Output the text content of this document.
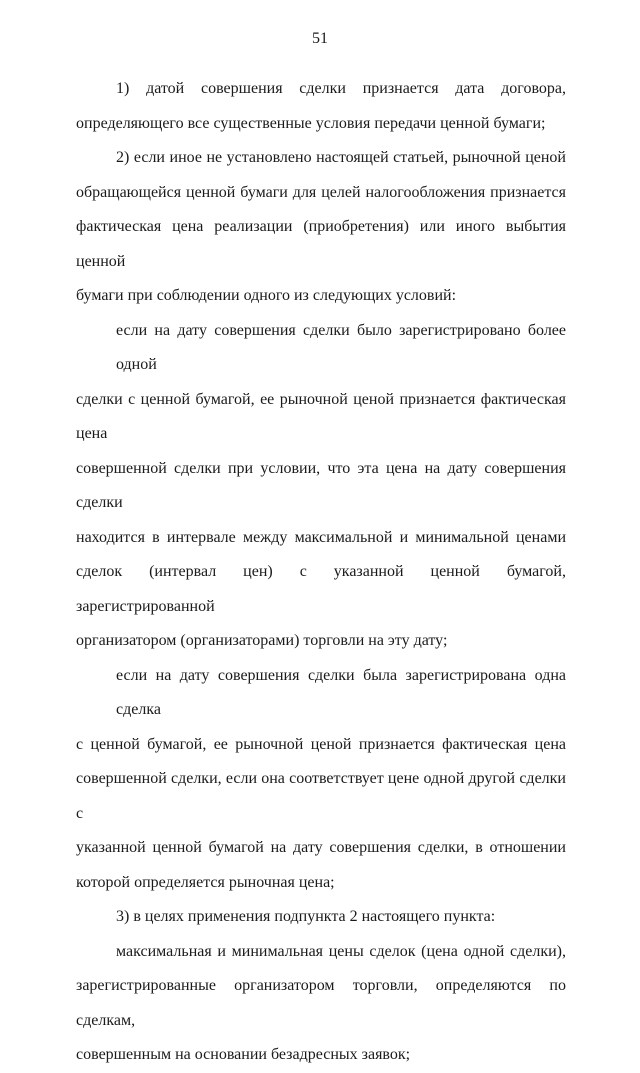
51

1) датой совершения сделки признается дата договора,
определяющего все существенные условия передачи ценной бумаги;

2) если иное не установлено настоящей статьей, рыночной ценой
обращающейся ценной бумаги для целей налогообложения признается
фактическая цена реализации (приобретения) или иного выбытия ценной
бумаги при соблюдении одного из следующих условий:

если на дату совершения сделки было зарегистрировано более одной
сделки с ценной бумагой, ее рыночной ценой признается фактическая цена
совершенной сделки при условии, что эта цена на дату совершения сделки
находится в интервале между максимальной и минимальной ценами
сделок (интервал цен) с указанной ценной бумагой, зарегистрированной
организатором (организаторами) торговли на эту дату;

если на дату совершения сделки была зарегистрирована одна сделка
с ценной бумагой, ее рыночной ценой признается фактическая цена
совершенной сделки, если она соответствует цене одной другой сделки с
указанной ценной бумагой на дату совершения сделки, в отношении
которой определяется рыночная цена;

3) в целях применения подпункта 2 настоящего пункта:

максимальная и минимальная цены сделок (цена одной сделки),
зарегистрированные организатором торговли, определяются по сделкам,
совершенным на основании безадресных заявок;
